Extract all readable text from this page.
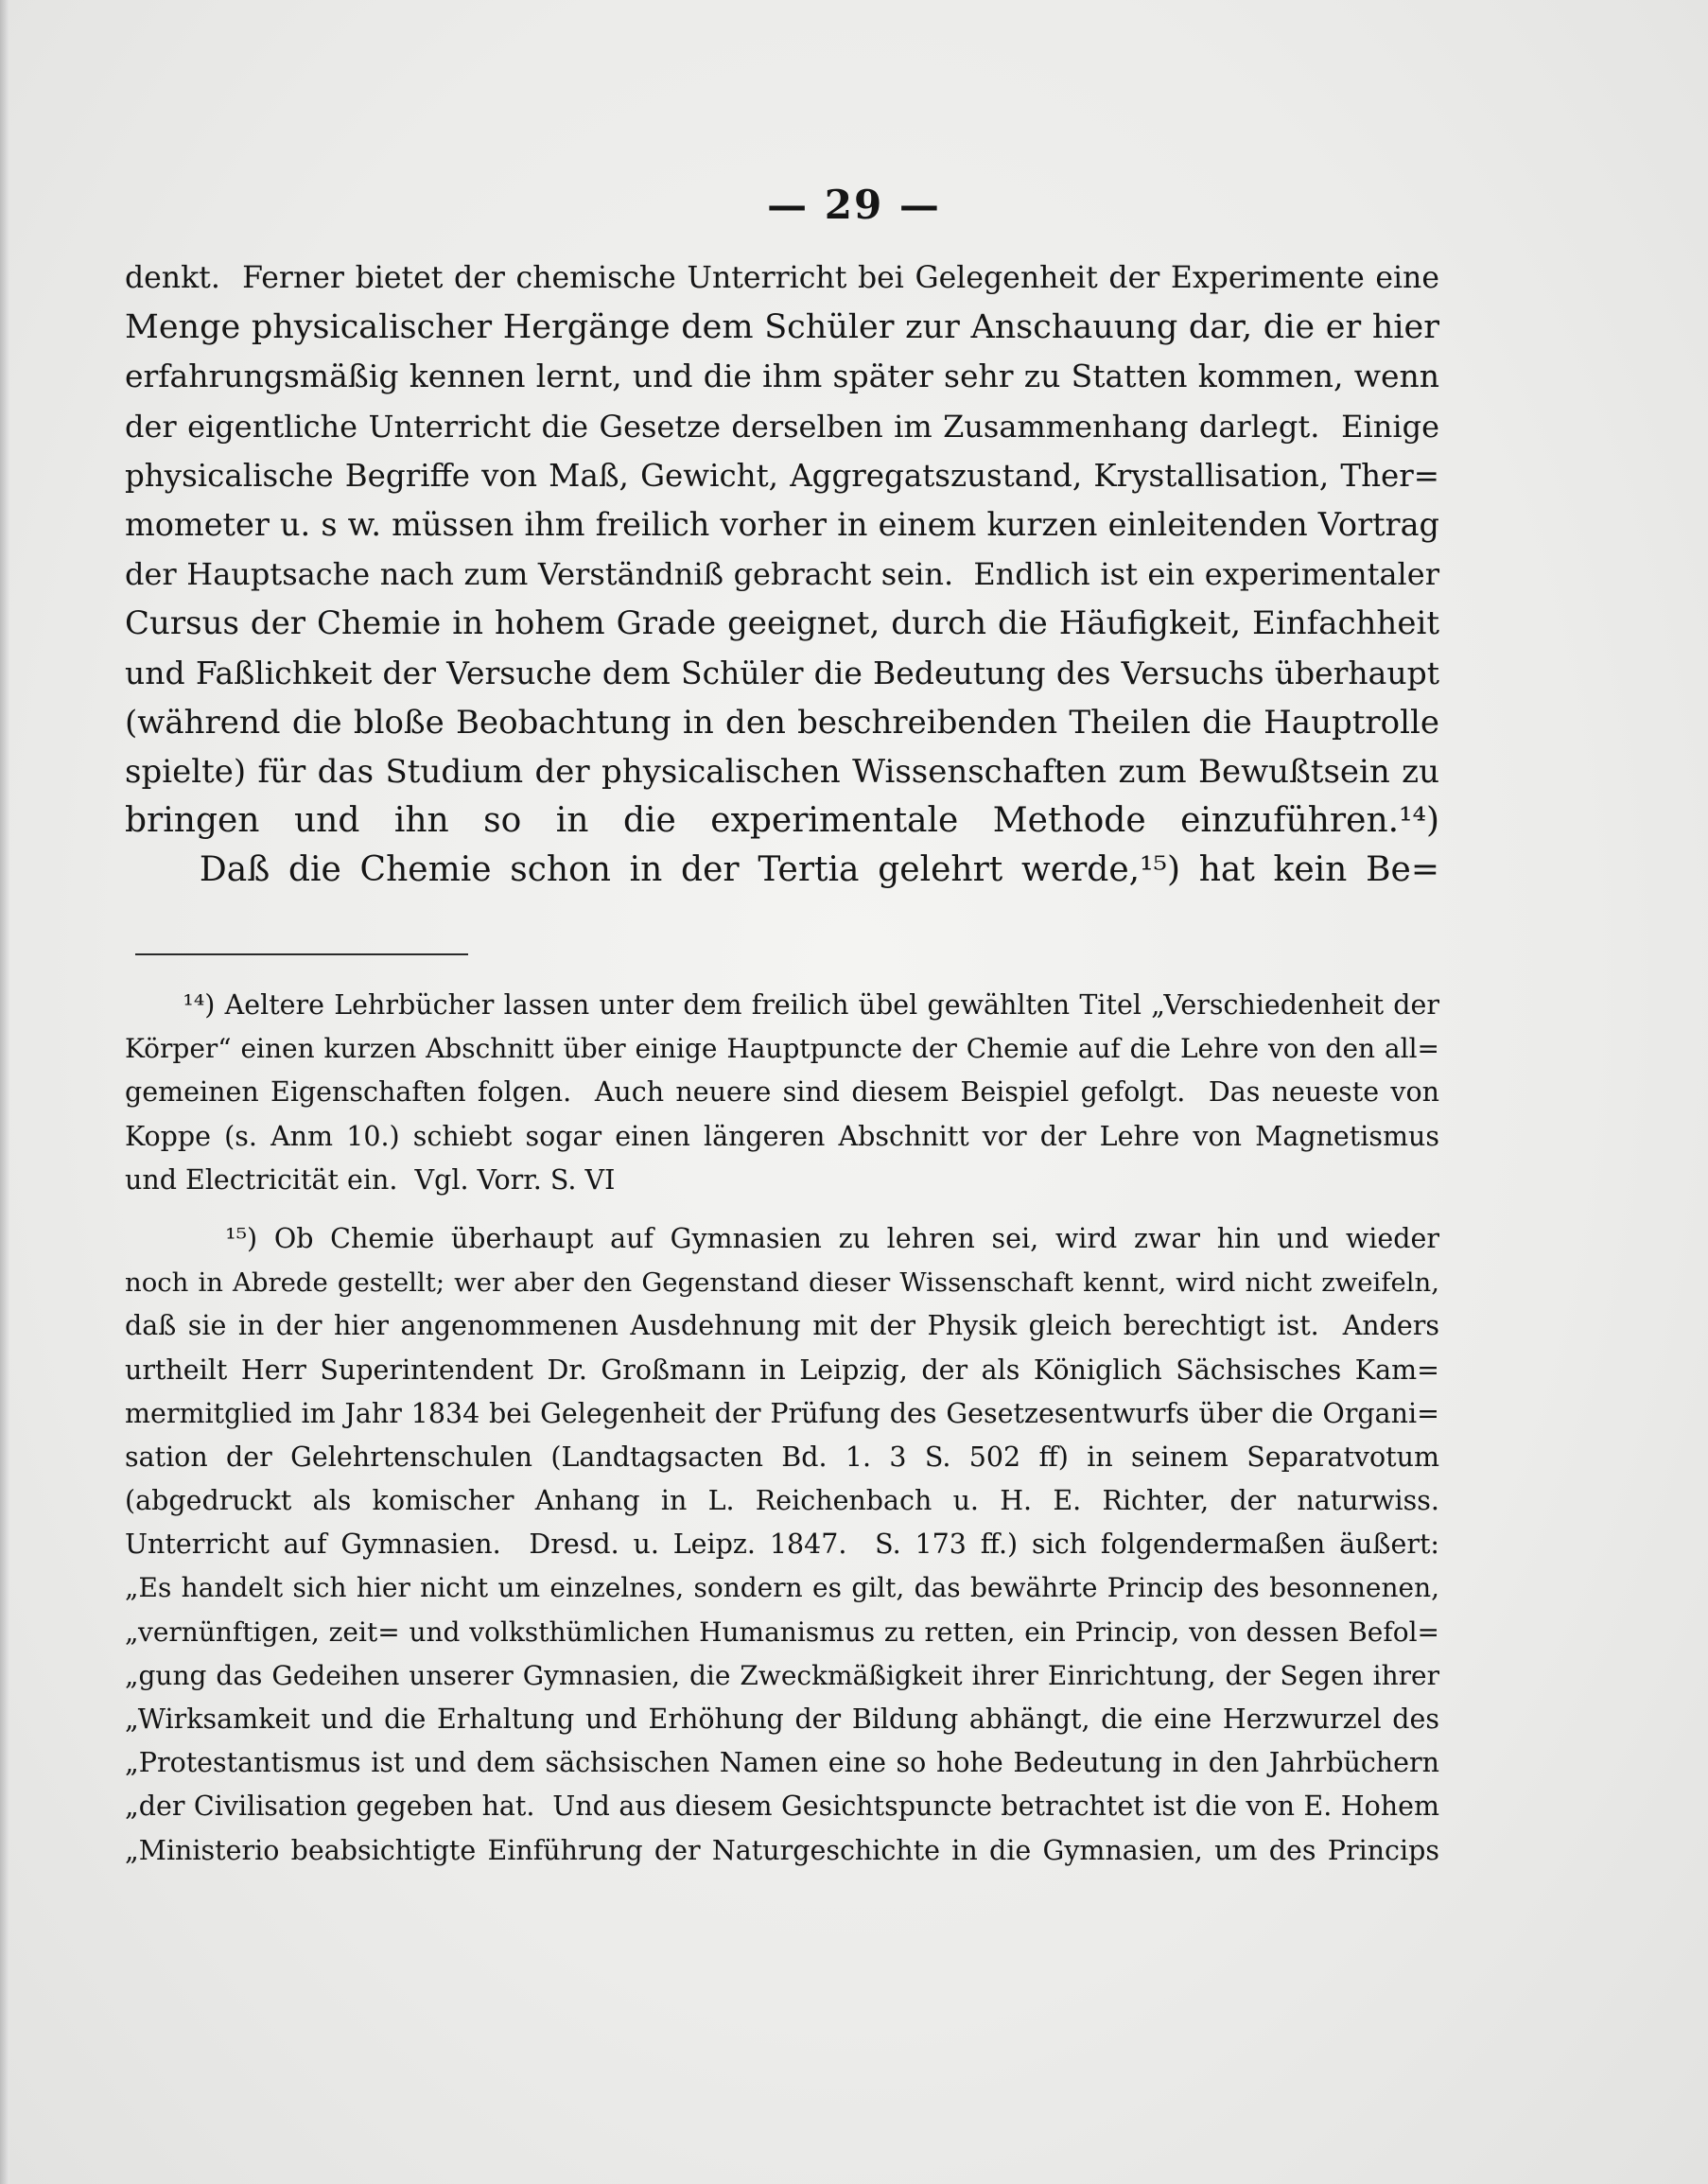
— 29 —
denkt.  Ferner bietet der chemische Unterricht bei Gelegenheit der Experimente eine
Menge physicalischer Hergänge dem Schüler zur Anschauung dar, die er hier
erfahrungsmäßig kennen lernt, und die ihm später sehr zu Statten kommen, wenn
der eigentliche Unterricht die Gesetze derselben im Zusammenhang darlegt.  Einige
physicalische Begriffe von Maß, Gewicht, Aggregatszustand, Krystallisation, Ther=
mometer u. s w. müssen ihm freilich vorher in einem kurzen einleitenden Vortrag
der Hauptsache nach zum Verständniß gebracht sein.  Endlich ist ein experimentaler
Cursus der Chemie in hohem Grade geeignet, durch die Häufigkeit, Einfachheit
und Faßlichkeit der Versuche dem Schüler die Bedeutung des Versuchs überhaupt
(während die bloße Beobachtung in den beschreibenden Theilen die Hauptrolle
spielte) für das Studium der physicalischen Wissenschaften zum Bewußtsein zu
bringen und ihn so in die experimentale Methode einzuführen.¹⁴)
Daß die Chemie schon in der Tertia gelehrt werde,¹⁵) hat kein Be=
¹⁴) Aeltere Lehrbücher lassen unter dem freilich übel gewählten Titel „Verschiedenheit der
Körper“ einen kurzen Abschnitt über einige Hauptpuncte der Chemie auf die Lehre von den all=
gemeinen Eigenschaften folgen.  Auch neuere sind diesem Beispiel gefolgt.  Das neueste von
Koppe (s. Anm 10.) schiebt sogar einen längeren Abschnitt vor der Lehre von Magnetismus
und Electricität ein.  Vgl. Vorr. S. VI
¹⁵) Ob Chemie überhaupt auf Gymnasien zu lehren sei, wird zwar hin und wieder
noch in Abrede gestellt; wer aber den Gegenstand dieser Wissenschaft kennt, wird nicht zweifeln,
daß sie in der hier angenommenen Ausdehnung mit der Physik gleich berechtigt ist.  Anders
urtheilt Herr Superintendent Dr. Großmann in Leipzig, der als Königlich Sächsisches Kam=
mermitglied im Jahr 1834 bei Gelegenheit der Prüfung des Gesetzesentwurfs über die Organi=
sation der Gelehrtenschulen (Landtagsacten Bd. 1. 3 S. 502 ff) in seinem Separatvotum
(abgedruckt als komischer Anhang in L. Reichenbach u. H. E. Richter, der naturwiss.
Unterricht auf Gymnasien.  Dresd. u. Leipz. 1847.  S. 173 ff.) sich folgendermaßen äußert:
„Es handelt sich hier nicht um einzelnes, sondern es gilt, das bewährte Princip des besonnenen,
„vernünftigen, zeit= und volksthümlichen Humanismus zu retten, ein Princip, von dessen Befol=
„gung das Gedeihen unserer Gymnasien, die Zweckmäßigkeit ihrer Einrichtung, der Segen ihrer
„Wirksamkeit und die Erhaltung und Erhöhung der Bildung abhängt, die eine Herzwurzel des
„Protestantismus ist und dem sächsischen Namen eine so hohe Bedeutung in den Jahrbüchern
„der Civilisation gegeben hat.  Und aus diesem Gesichtspuncte betrachtet ist die von E. Hohem
„Ministerio beabsichtigte Einführung der Naturgeschichte in die Gymnasien, um des Princips
